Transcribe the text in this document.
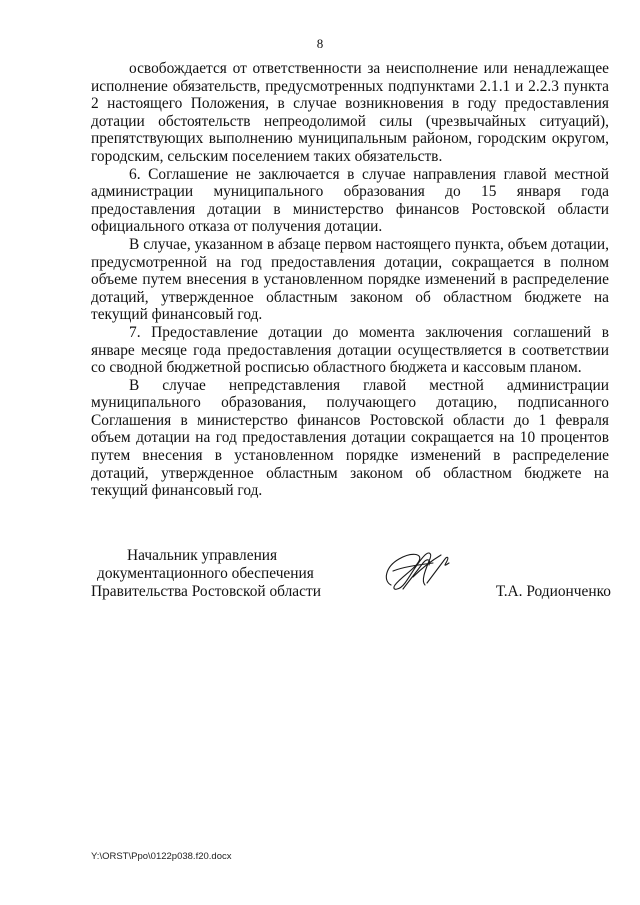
8

освобождается от ответственности за неисполнение или ненадлежащее исполнение обязательств, предусмотренных подпунктами 2.1.1 и 2.2.3 пункта 2 настоящего Положения, в случае возникновения в году предоставления дотации обстоятельств непреодолимой силы (чрезвычайных ситуаций), препятствующих выполнению муниципальным районом, городским округом, городским, сельским поселением таких обязательств.

6. Соглашение не заключается в случае направления главой местной администрации муниципального образования до 15 января года предоставления дотации в министерство финансов Ростовской области официального отказа от получения дотации.

В случае, указанном в абзаце первом настоящего пункта, объем дотации, предусмотренной на год предоставления дотации, сокращается в полном объеме путем внесения в установленном порядке изменений в распределение дотаций, утвержденное областным законом об областном бюджете на текущий финансовый год.

7. Предоставление дотации до момента заключения соглашений в январе месяце года предоставления дотации осуществляется в соответствии со сводной бюджетной росписью областного бюджета и кассовым планом.

В случае непредставления главой местной администрации муниципального образования, получающего дотацию, подписанного Соглашения в министерство финансов Ростовской области до 1 февраля объем дотации на год предоставления дотации сокращается на 10 процентов путем внесения в установленном порядке изменений в распределение дотаций, утвержденное областным законом об областном бюджете на текущий финансовый год.

Начальник управления
документационного обеспечения
Правительства Ростовской области	Т.А. Родионченко
Y:\ORST\Ppo\0122p038.f20.docx
